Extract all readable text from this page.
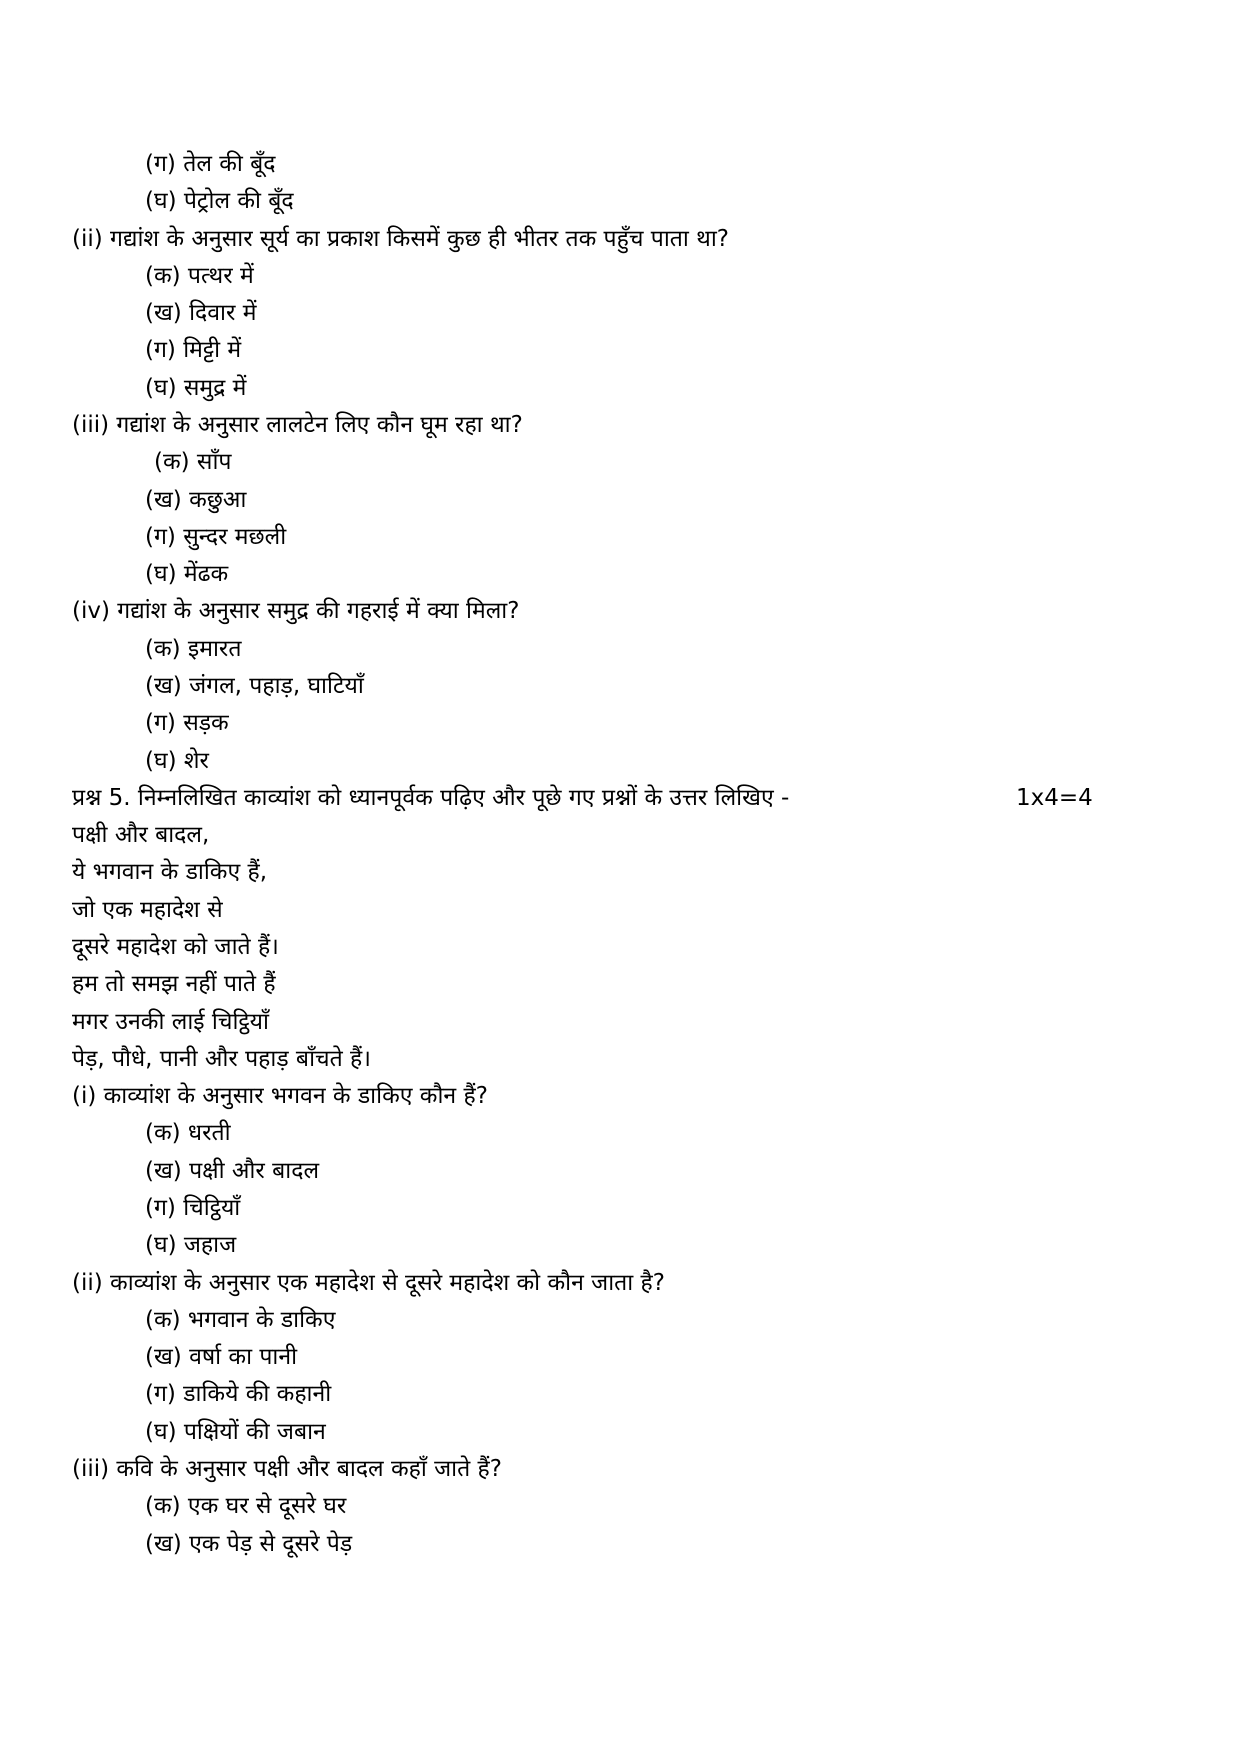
(ग) तेल की बूँद
(घ) पेट्रोल की बूँद
(ii) गद्यांश के अनुसार सूर्य का प्रकाश किसमें कुछ ही भीतर तक पहुँच पाता था?
(क) पत्थर में
(ख) दिवार में
(ग) मिट्टी में
(घ) समुद्र में
(iii) गद्यांश के अनुसार लालटेन लिए कौन घूम रहा था?
(क) साँप
(ख) कछुआ
(ग) सुन्दर मछली
(घ) मेंढक
(iv) गद्यांश के अनुसार समुद्र की गहराई में क्या मिला?
(क) इमारत
(ख) जंगल, पहाड़, घाटियाँ
(ग) सड़क
(घ) शेर
प्रश्न 5. निम्नलिखित काव्यांश को ध्यानपूर्वक पढ़िए और पूछे गए प्रश्नों के उत्तर लिखिए -	1x4=4
पक्षी और बादल,
ये भगवान के डाकिए हैं,
जो एक महादेश से
दूसरे महादेश को जाते हैं।
हम तो समझ नहीं पाते हैं
मगर उनकी लाई चिट्ठियाँ
पेड़, पौधे, पानी और पहाड़ बाँचते हैं।
(i) काव्यांश के अनुसार भगवन के डाकिए कौन हैं?
(क) धरती
(ख) पक्षी और बादल
(ग) चिट्ठियाँ
(घ) जहाज
(ii) काव्यांश के अनुसार एक महादेश से दूसरे महादेश को कौन जाता है?
(क) भगवान के डाकिए
(ख) वर्षा का पानी
(ग) डाकिये की कहानी
(घ) पक्षियों की जबान
(iii) कवि के अनुसार पक्षी और बादल कहाँ जाते हैं?
(क) एक घर से दूसरे घर
(ख) एक पेड़ से दूसरे पेड़
